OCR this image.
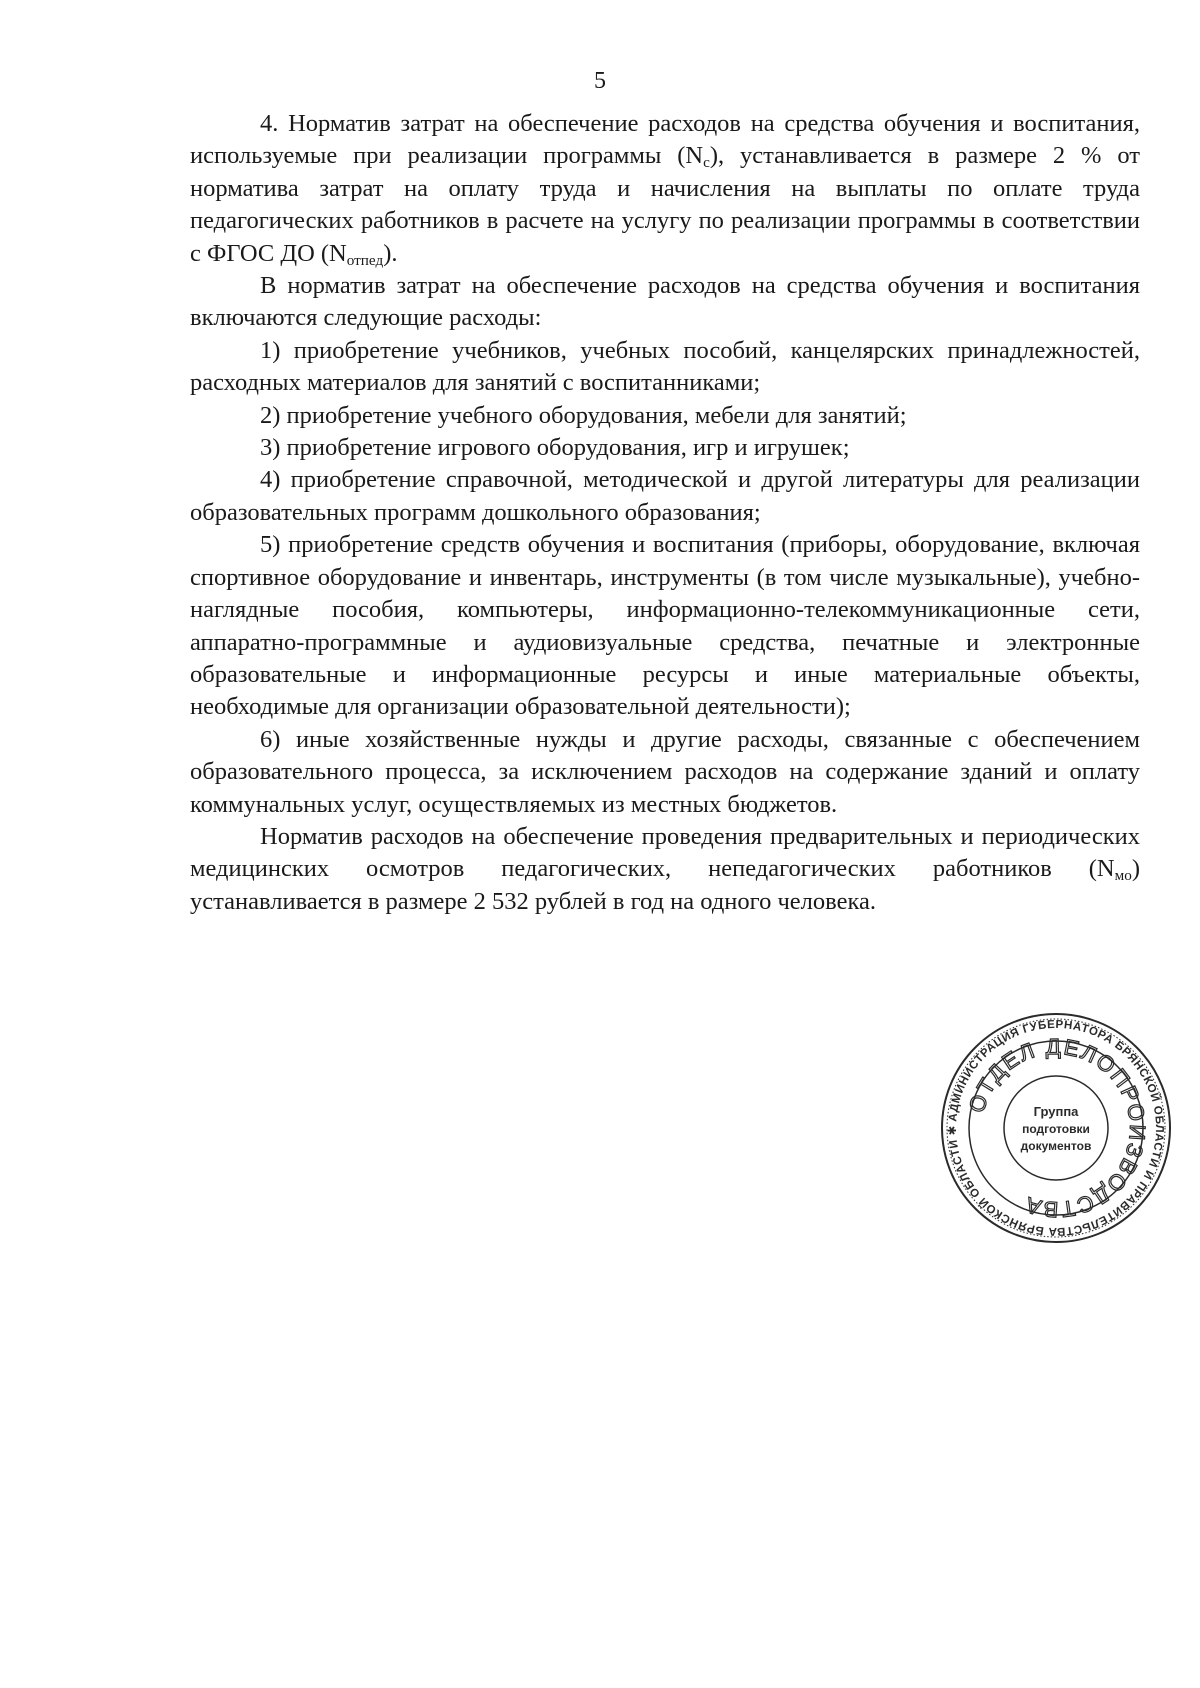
5

4. Норматив затрат на обеспечение расходов на средства обучения и воспитания, используемые при реализации программы $(N_c)$, устанавливается в размере 2 % от норматива затрат на оплату труда и начисления на выплаты по оплате труда педагогических работников в расчете на услугу по реализации программы в соответствии с ФГОС ДО $(N_{отпед})$.

В норматив затрат на обеспечение расходов на средства обучения и воспитания включаются следующие расходы:

1) приобретение учебников, учебных пособий, канцелярских принадлежностей, расходных материалов для занятий с воспитанниками;

2) приобретение учебного оборудования, мебели для занятий;

3) приобретение игрового оборудования, игр и игрушек;

4) приобретение справочной, методической и другой литературы для реализации образовательных программ дошкольного образования;

5) приобретение средств обучения и воспитания (приборы, оборудование, включая спортивное оборудование и инвентарь, инструменты (в том числе музыкальные), учебно-наглядные пособия, компьютеры, информационно-телекоммуникационные сети, аппаратно-программные и аудиовизуальные средства, печатные и электронные образовательные и информационные ресурсы и иные материальные объекты, необходимые для организации образовательной деятельности);

6) иные хозяйственные нужды и другие расходы, связанные с обеспечением образовательного процесса, за исключением расходов на содержание зданий и оплату коммунальных услуг, осуществляемых из местных бюджетов.

Норматив расходов на обеспечение проведения предварительных и периодических медицинских осмотров педагогических, непедагогических работников $(N_{мо})$ устанавливается в размере 2 532 рублей в год на одного человека.

АДМИНИСТРАЦИЯ ГУБЕРНАТОРА БРЯНСКОЙ ОБЛАСТИ И ПРАВИТЕЛЬСТВА БРЯНСКОЙ ОБЛАСТИ ✱
ОТДЕЛ ДЕЛОПРОИЗВОДСТВА
Группа
подготовки
документов
